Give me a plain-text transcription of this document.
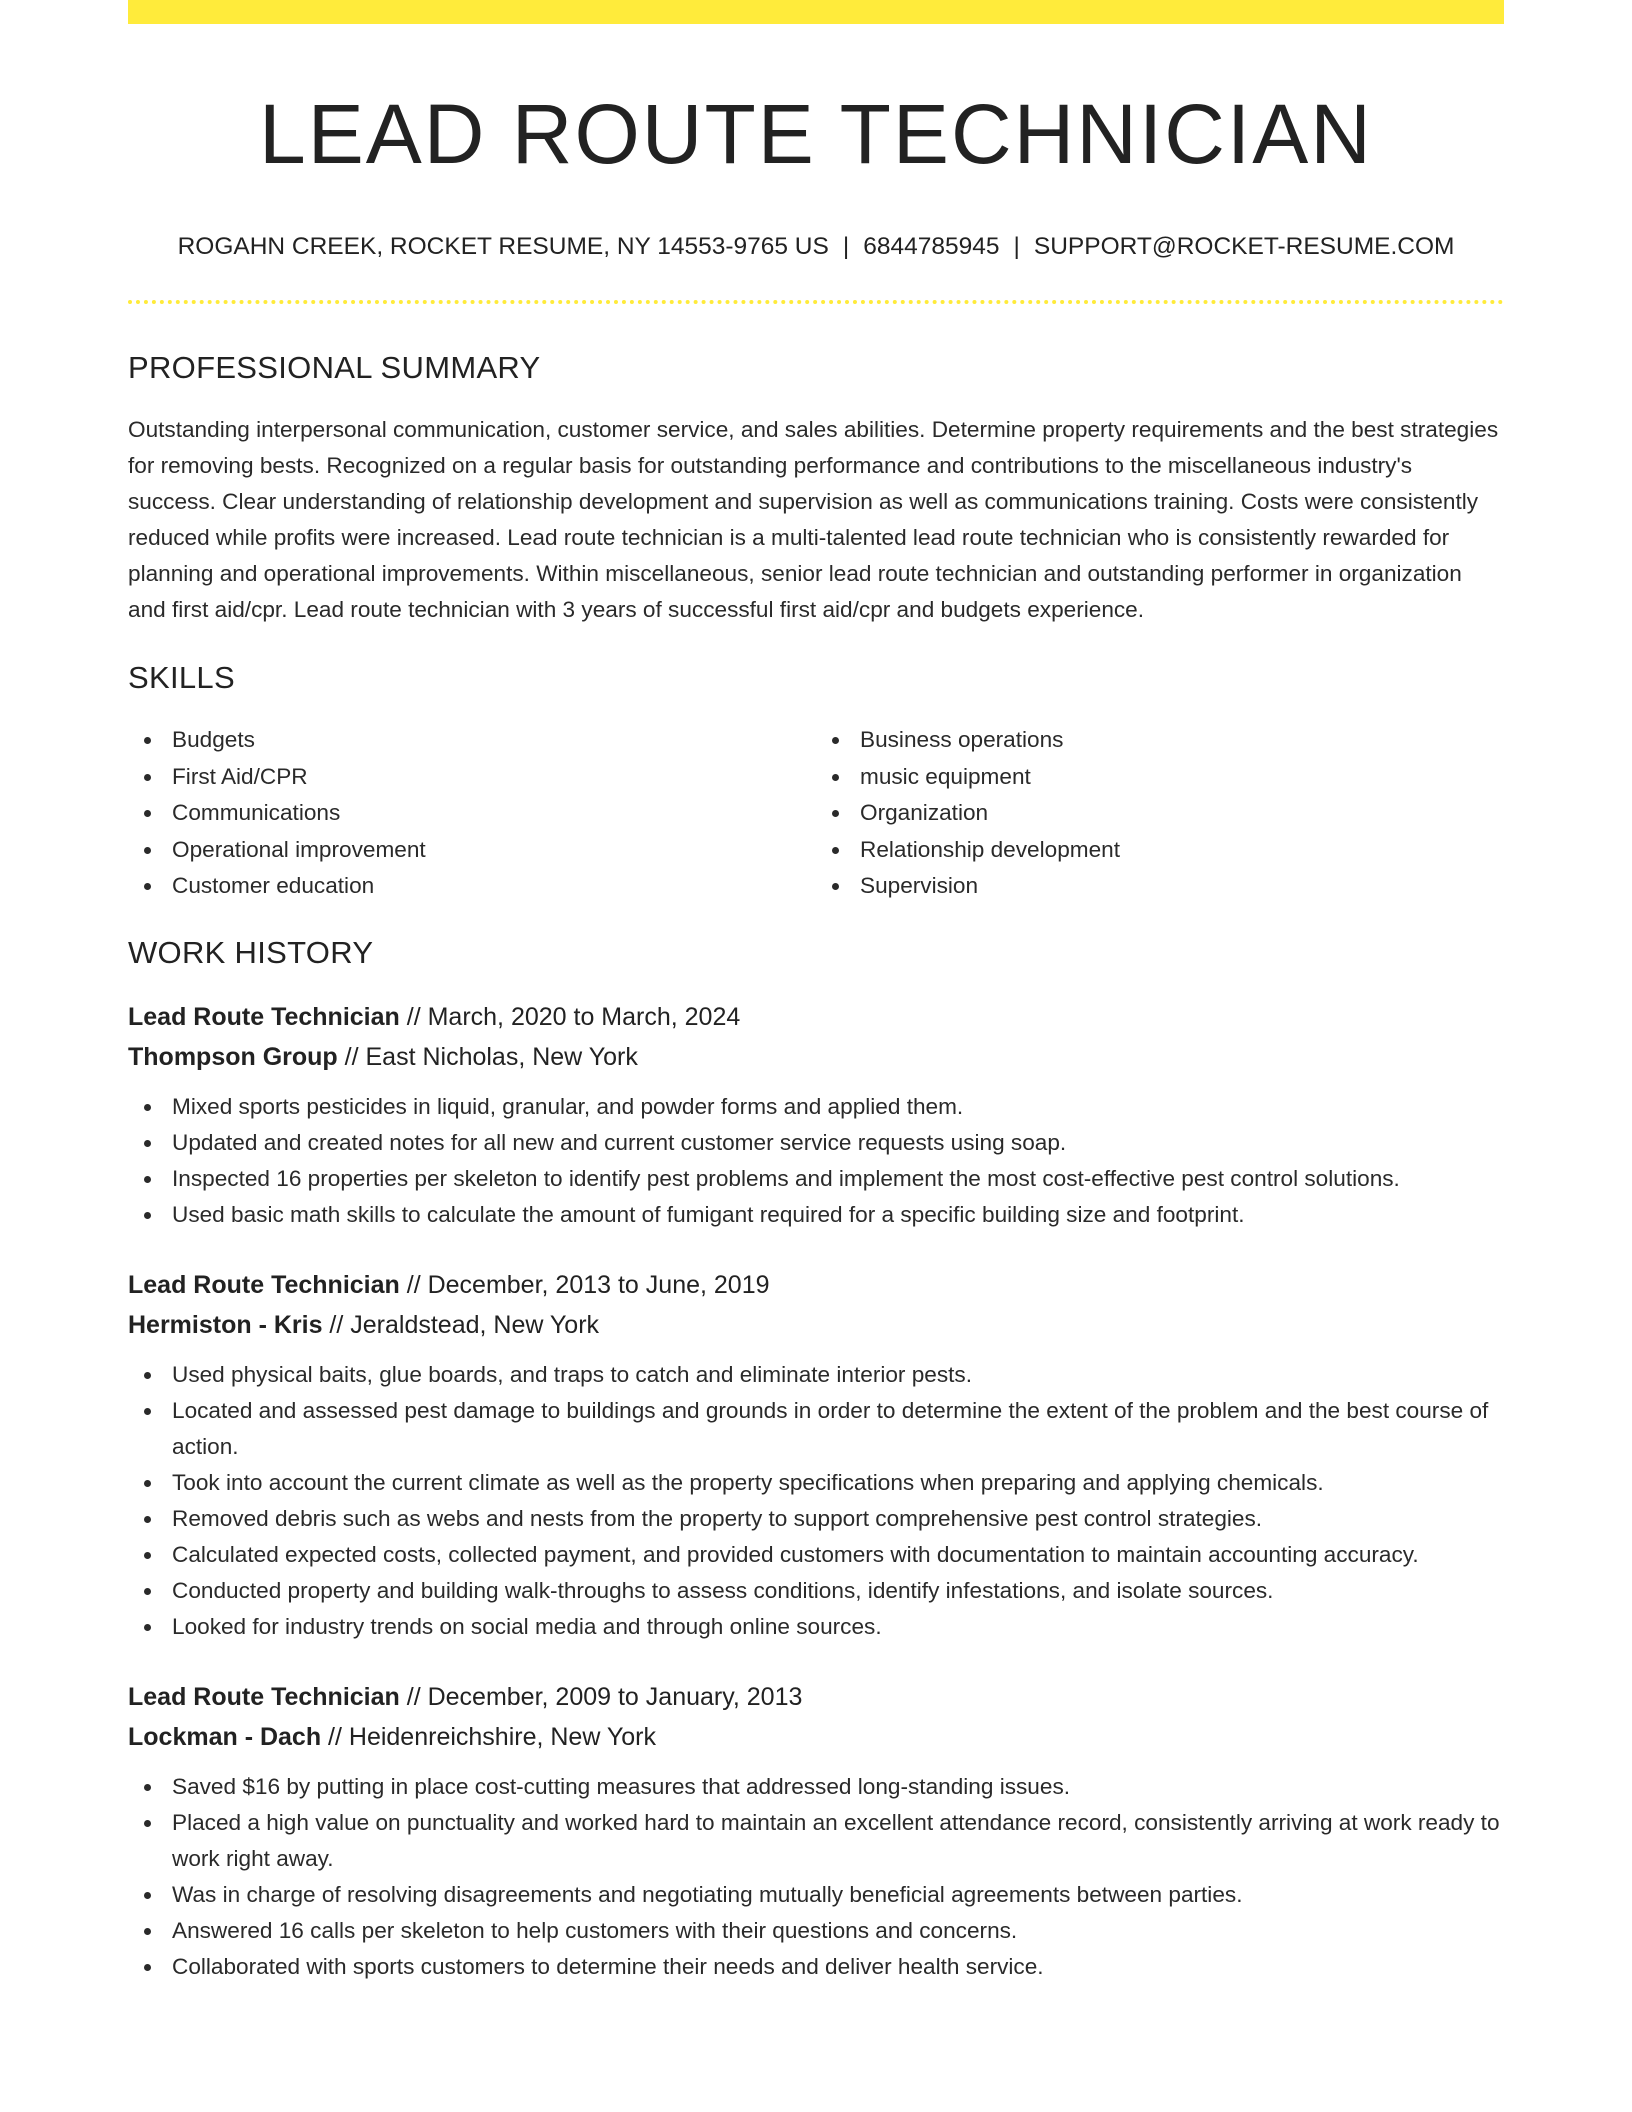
LEAD ROUTE TECHNICIAN
ROGAHN CREEK, ROCKET RESUME, NY 14553-9765 US | 6844785945 | SUPPORT@ROCKET-RESUME.COM
PROFESSIONAL SUMMARY

Outstanding interpersonal communication, customer service, and sales abilities. Determine property requirements and the best strategies for removing bests. Recognized on a regular basis for outstanding performance and contributions to the miscellaneous industry's success. Clear understanding of relationship development and supervision as well as communications training. Costs were consistently reduced while profits were increased. Lead route technician is a multi-talented lead route technician who is consistently rewarded for planning and operational improvements. Within miscellaneous, senior lead route technician and outstanding performer in organization and first aid/cpr. Lead route technician with 3 years of successful first aid/cpr and budgets experience.

SKILLS
Budgets
First Aid/CPR
Communications
Operational improvement
Customer education
Business operations
music equipment
Organization
Relationship development
Supervision
WORK HISTORY
Lead Route Technician // March, 2020 to March, 2024
Thompson Group // East Nicholas, New York
Mixed sports pesticides in liquid, granular, and powder forms and applied them.
Updated and created notes for all new and current customer service requests using soap.
Inspected 16 properties per skeleton to identify pest problems and implement the most cost-effective pest control solutions.
Used basic math skills to calculate the amount of fumigant required for a specific building size and footprint.
Lead Route Technician // December, 2013 to June, 2019
Hermiston - Kris // Jeraldstead, New York
Used physical baits, glue boards, and traps to catch and eliminate interior pests.
Located and assessed pest damage to buildings and grounds in order to determine the extent of the problem and the best course of action.
Took into account the current climate as well as the property specifications when preparing and applying chemicals.
Removed debris such as webs and nests from the property to support comprehensive pest control strategies.
Calculated expected costs, collected payment, and provided customers with documentation to maintain accounting accuracy.
Conducted property and building walk-throughs to assess conditions, identify infestations, and isolate sources.
Looked for industry trends on social media and through online sources.
Lead Route Technician // December, 2009 to January, 2013
Lockman - Dach // Heidenreichshire, New York
Saved $16 by putting in place cost-cutting measures that addressed long-standing issues.
Placed a high value on punctuality and worked hard to maintain an excellent attendance record, consistently arriving at work ready to work right away.
Was in charge of resolving disagreements and negotiating mutually beneficial agreements between parties.
Answered 16 calls per skeleton to help customers with their questions and concerns.
Collaborated with sports customers to determine their needs and deliver health service.
